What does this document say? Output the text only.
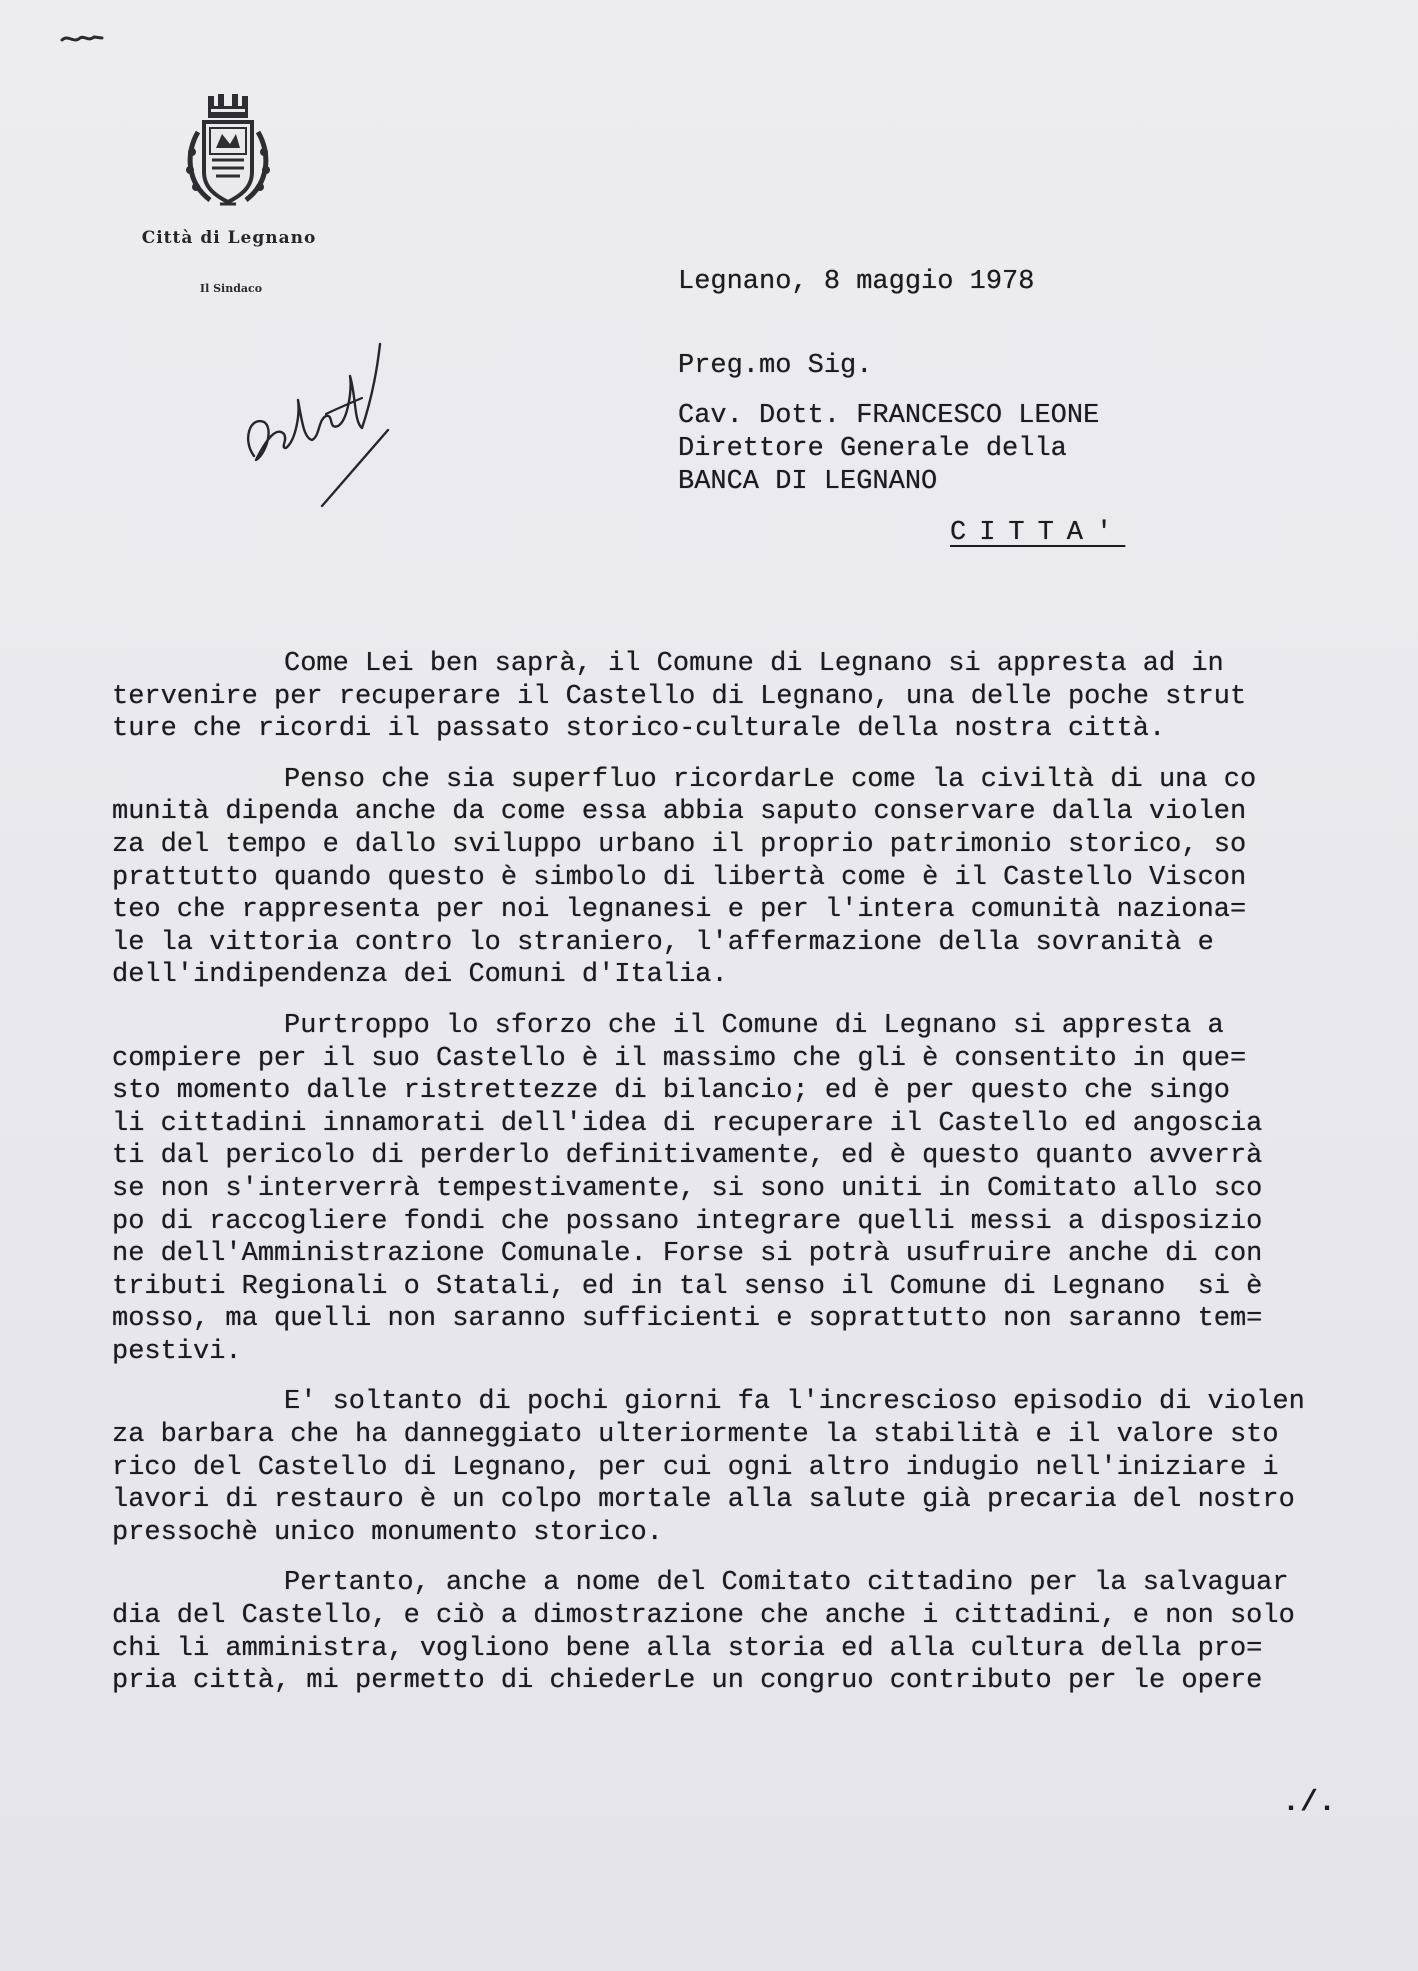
Città di Legnano
Il Sindaco	Legnano, 8 maggio 1978
Preg.mo Sig.
Cav. Dott. FRANCESCO LEONE
Direttore Generale della
BANCA DI LEGNANO
CITTA'
Come Lei ben saprà, il Comune di Legnano si appresta ad in
tervenire per recuperare il Castello di Legnano, una delle poche strut
ture che ricordi il passato storico-culturale della nostra città.
Penso che sia superfluo ricordarLe come la civiltà di una co
munità dipenda anche da come essa abbia saputo conservare dalla violen
za del tempo e dallo sviluppo urbano il proprio patrimonio storico, so
prattutto quando questo è simbolo di libertà come è il Castello Viscon
teo che rappresenta per noi legnanesi e per l'intera comunità naziona=
le la vittoria contro lo straniero, l'affermazione della sovranità e
dell'indipendenza dei Comuni d'Italia.
Purtroppo lo sforzo che il Comune di Legnano si appresta a
compiere per il suo Castello è il massimo che gli è consentito in que=
sto momento dalle ristrettezze di bilancio; ed è per questo che singo
li cittadini innamorati dell'idea di recuperare il Castello ed angoscia
ti dal pericolo di perderlo definitivamente, ed è questo quanto avverrà
se non s'interverrà tempestivamente, si sono uniti in Comitato allo sco
po di raccogliere fondi che possano integrare quelli messi a disposizio
ne dell'Amministrazione Comunale. Forse si potrà usufruire anche di con
tributi Regionali o Statali, ed in tal senso il Comune di Legnano  si è
mosso, ma quelli non saranno sufficienti e soprattutto non saranno tem=
pestivi.
E' soltanto di pochi giorni fa l'increscioso episodio di violen
za barbara che ha danneggiato ulteriormente la stabilità e il valore sto
rico del Castello di Legnano, per cui ogni altro indugio nell'iniziare i
lavori di restauro è un colpo mortale alla salute già precaria del nostro
pressochè unico monumento storico.
Pertanto, anche a nome del Comitato cittadino per la salvaguar
dia del Castello, e ciò a dimostrazione che anche i cittadini, e non solo
chi li amministra, vogliono bene alla storia ed alla cultura della pro=
pria città, mi permetto di chiederLe un congruo contributo per le opere
./.
